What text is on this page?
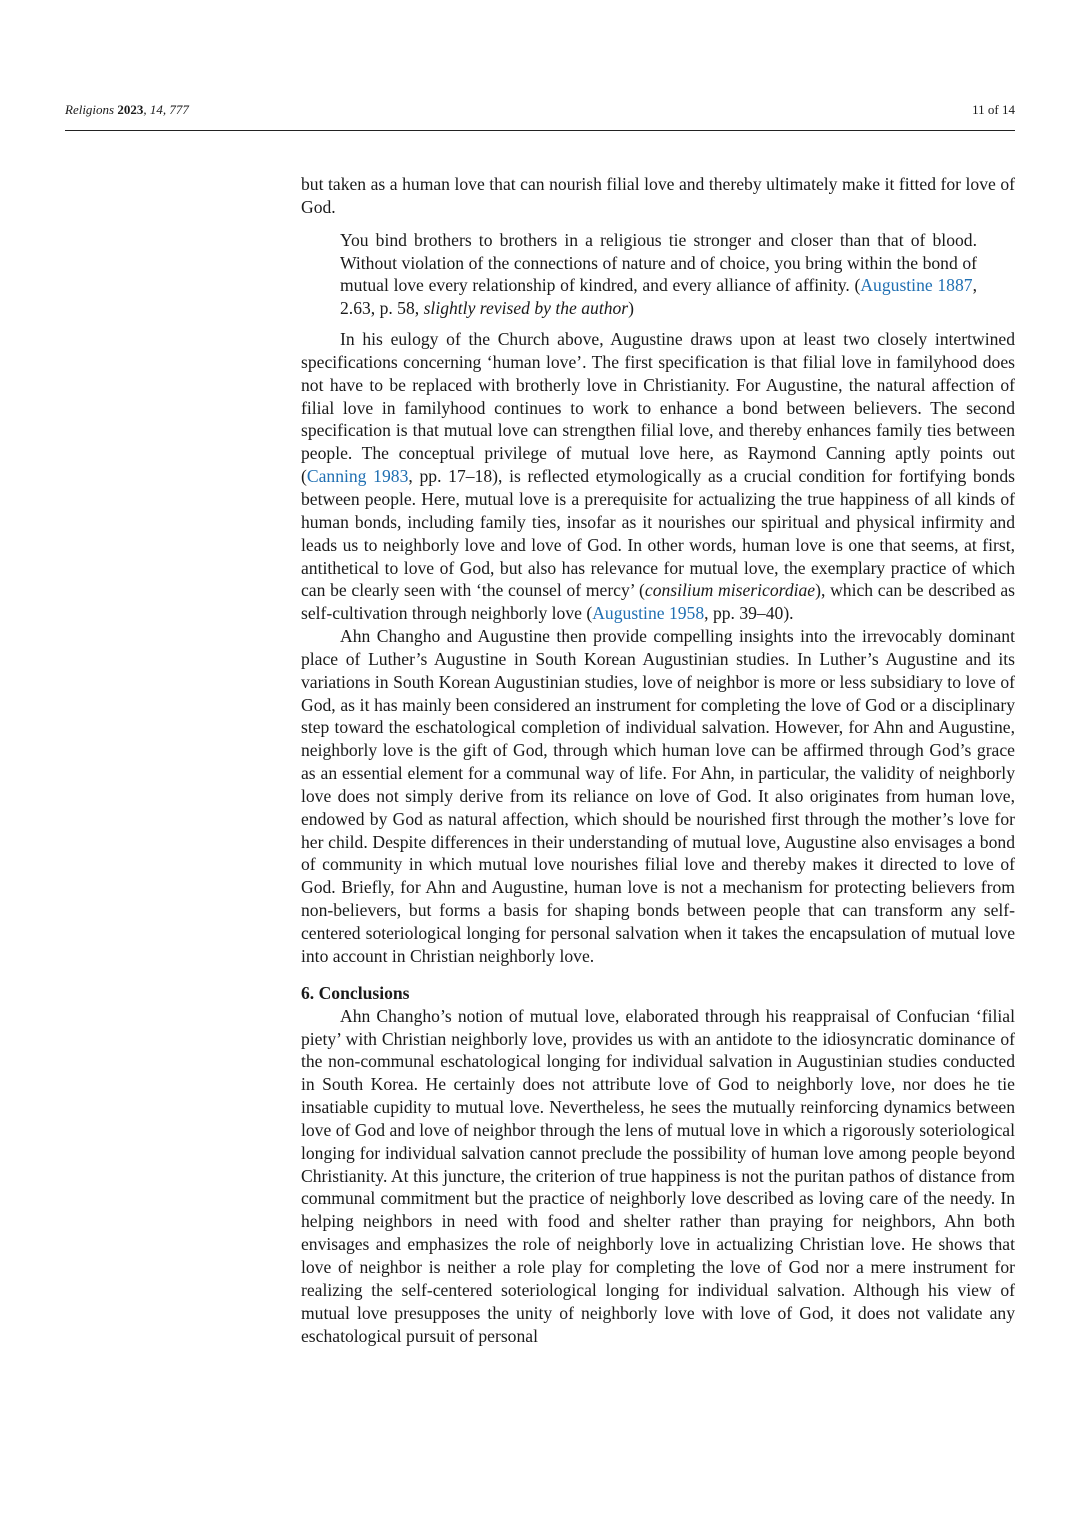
Religions 2023, 14, 777	11 of 14

but taken as a human love that can nourish filial love and thereby ultimately make it fitted for love of God.

You bind brothers to brothers in a religious tie stronger and closer than that of blood. Without violation of the connections of nature and of choice, you bring within the bond of mutual love every relationship of kindred, and every alliance of affinity. (Augustine 1887, 2.63, p. 58, slightly revised by the author)

In his eulogy of the Church above, Augustine draws upon at least two closely intertwined specifications concerning ‘human love’. The first specification is that filial love in familyhood does not have to be replaced with brotherly love in Christianity. For Augustine, the natural affection of filial love in familyhood continues to work to enhance a bond between believers. The second specification is that mutual love can strengthen filial love, and thereby enhances family ties between people. The conceptual privilege of mutual love here, as Raymond Canning aptly points out (Canning 1983, pp. 17–18), is reflected etymologically as a crucial condition for fortifying bonds between people. Here, mutual love is a prerequisite for actualizing the true happiness of all kinds of human bonds, including family ties, insofar as it nourishes our spiritual and physical infirmity and leads us to neighborly love and love of God. In other words, human love is one that seems, at first, antithetical to love of God, but also has relevance for mutual love, the exemplary practice of which can be clearly seen with ‘the counsel of mercy’ (consilium misericordiae), which can be described as self-cultivation through neighborly love (Augustine 1958, pp. 39–40).

Ahn Changho and Augustine then provide compelling insights into the irrevocably dominant place of Luther’s Augustine in South Korean Augustinian studies. In Luther’s Augustine and its variations in South Korean Augustinian studies, love of neighbor is more or less subsidiary to love of God, as it has mainly been considered an instrument for completing the love of God or a disciplinary step toward the eschatological completion of individual salvation. However, for Ahn and Augustine, neighborly love is the gift of God, through which human love can be affirmed through God’s grace as an essential element for a communal way of life. For Ahn, in particular, the validity of neighborly love does not simply derive from its reliance on love of God. It also originates from human love, endowed by God as natural affection, which should be nourished first through the mother’s love for her child. Despite differences in their understanding of mutual love, Augustine also envisages a bond of community in which mutual love nourishes filial love and thereby makes it directed to love of God. Briefly, for Ahn and Augustine, human love is not a mechanism for protecting believers from non-believers, but forms a basis for shaping bonds between people that can transform any self-centered soteriological longing for personal salvation when it takes the encapsulation of mutual love into account in Christian neighborly love.

6. Conclusions

Ahn Changho’s notion of mutual love, elaborated through his reappraisal of Confucian ‘filial piety’ with Christian neighborly love, provides us with an antidote to the idiosyncratic dominance of the non-communal eschatological longing for individual salvation in Augustinian studies conducted in South Korea. He certainly does not attribute love of God to neighborly love, nor does he tie insatiable cupidity to mutual love. Nevertheless, he sees the mutually reinforcing dynamics between love of God and love of neighbor through the lens of mutual love in which a rigorously soteriological longing for individual salvation cannot preclude the possibility of human love among people beyond Christianity. At this juncture, the criterion of true happiness is not the puritan pathos of distance from communal commitment but the practice of neighborly love described as loving care of the needy. In helping neighbors in need with food and shelter rather than praying for neighbors, Ahn both envisages and emphasizes the role of neighborly love in actualizing Christian love. He shows that love of neighbor is neither a role play for completing the love of God nor a mere instrument for realizing the self-centered soteriological longing for individual salvation. Although his view of mutual love presupposes the unity of neighborly love with love of God, it does not validate any eschatological pursuit of personal
